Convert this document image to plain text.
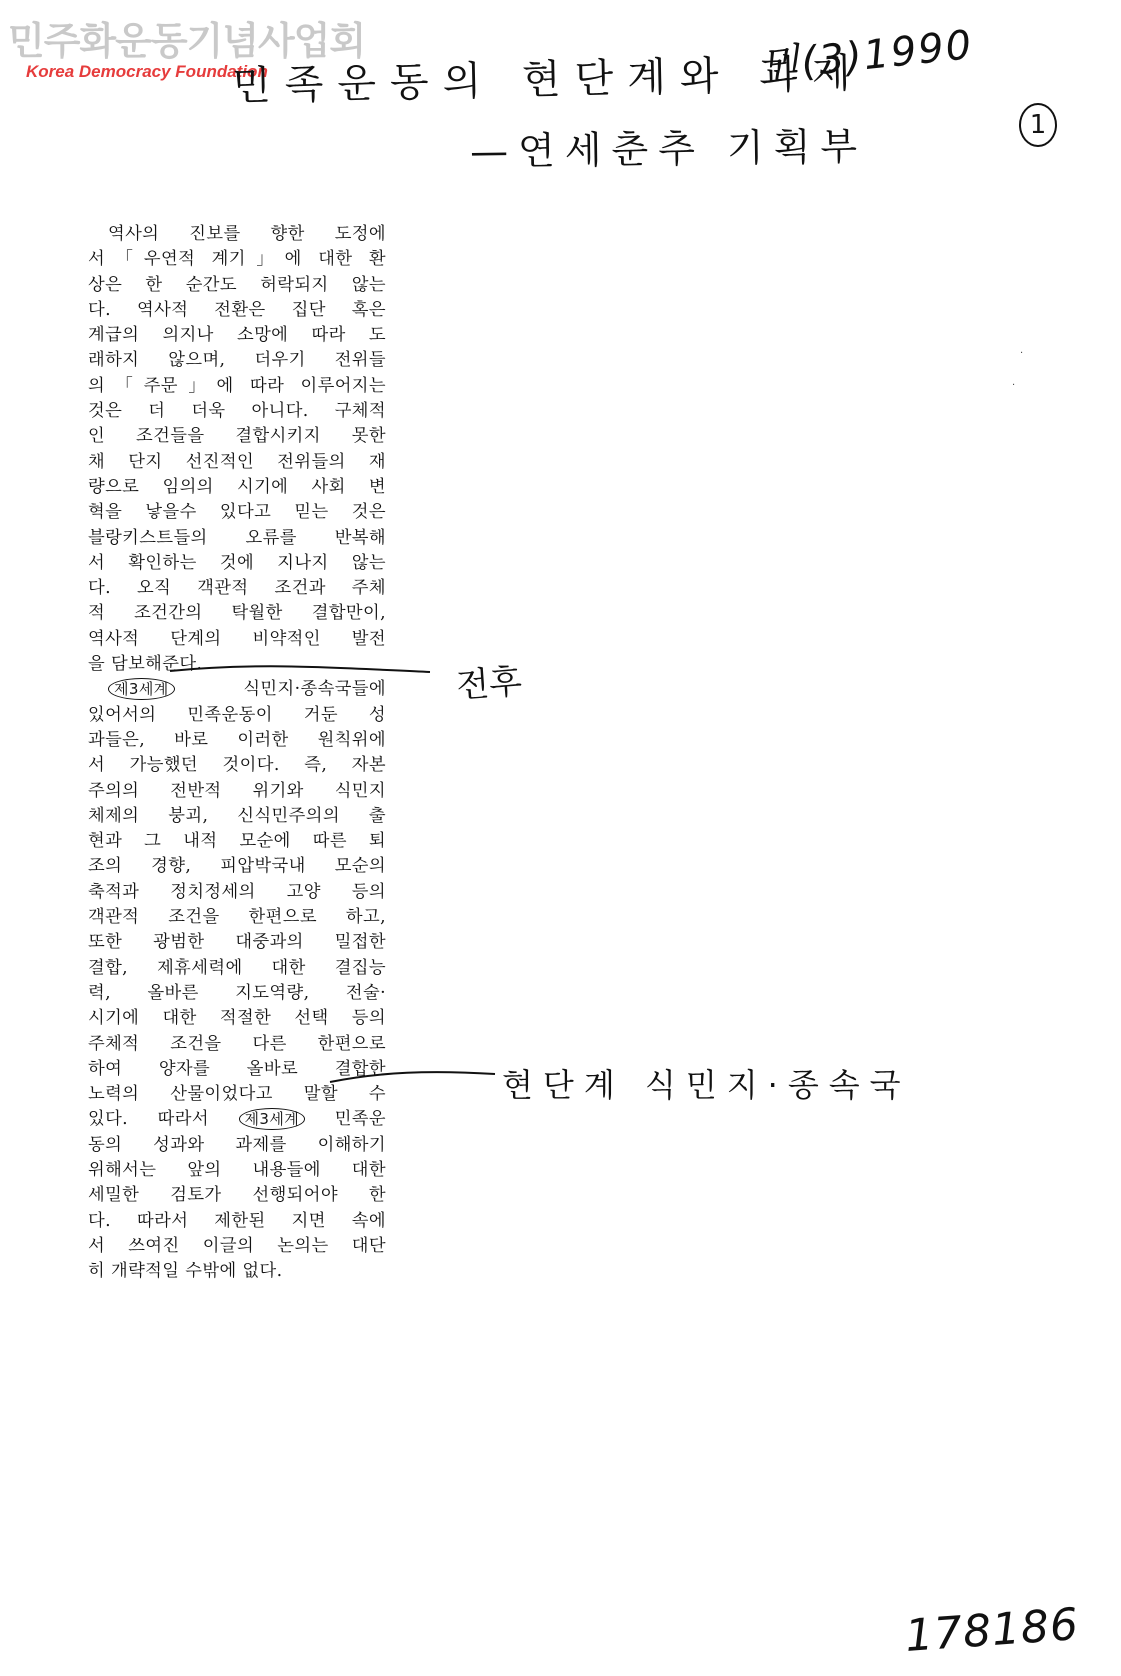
민주화운동기념사업회
Korea Democracy Foundation
민족운동의 현단계와 과제
민(3)1990
—연세춘추 기획부	1
역사의 진보를 향한 도정에
서「우연적 계기」에 대한 환
상은 한 순간도 허락되지 않는
다. 역사적 전환은 집단 혹은
계급의 의지나 소망에 따라 도
래하지 않으며, 더우기 전위들
의「주문」에 따라 이루어지는
것은 더 더욱 아니다. 구체적
인 조건들을 결합시키지 못한
채 단지 선진적인 전위들의 재
량으로 임의의 시기에 사회 변
혁을 낳을수 있다고 믿는 것은
블랑키스트들의 오류를 반복해
서 확인하는 것에 지나지 않는
다. 오직 객관적 조건과 주체
적 조건간의 탁월한 결합만이,
역사적 단계의 비약적인 발전
을 담보해준다.
제3세계	식민지·종속국들에
있어서의 민족운동이 거둔 성
과들은, 바로 이러한 원칙위에
서 가능했던 것이다. 즉, 자본
주의의 전반적 위기와 식민지
체제의 붕괴, 신식민주의의 출
현과 그 내적 모순에 따른 퇴
조의 경향, 피압박국내 모순의
축적과 정치정세의 고양 등의
객관적 조건을 한편으로 하고,
또한 광범한 대중과의 밀접한
결합, 제휴세력에 대한 결집능
력, 올바른 지도역량, 전술·
시기에 대한 적절한 선택 등의
주체적 조건을 다른 한편으로
하여 양자를 올바로 결합한
노력의 산물이었다고 말할 수
있다. 따라서 제3세계 민족운
동의 성과와 과제를 이해하기
위해서는 앞의 내용들에 대한
세밀한 검토가 선행되어야 한
다. 따라서 제한된 지면 속에
서 쓰여진 이글의 논의는 대단
히 개략적일 수밖에 없다.
전후
현단계 식민지·종속국
·
·
178186
